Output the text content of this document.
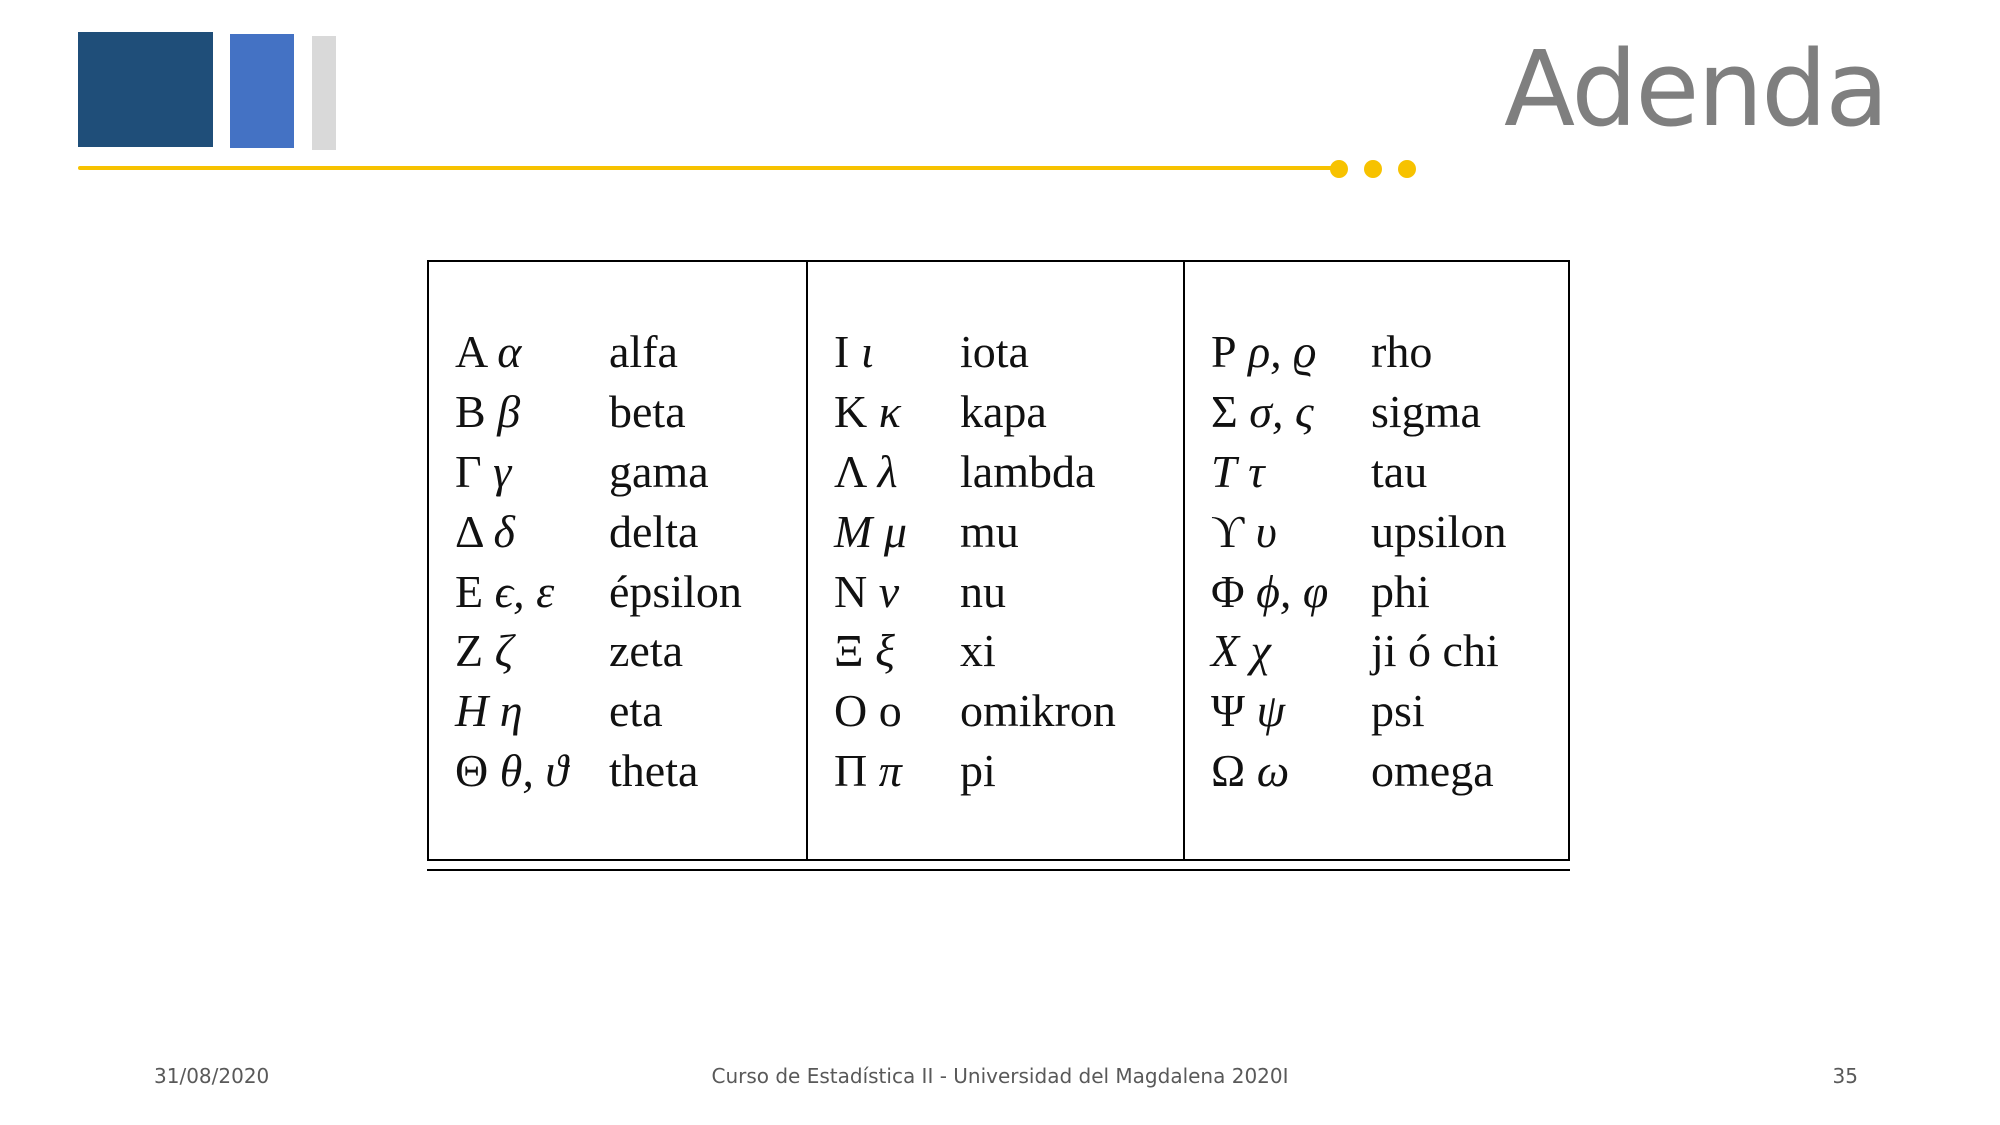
Adenda
Α α	alfa
Β β	beta
Γ γ	gama
Δ δ	delta
Ε ϵ, ε	épsilon
Ζ ζ	zeta
H η	eta
Θ θ, ϑ theta
Ι ι	iota
Κ κ	kapa
Λ λ	lambda
M μ	mu
Ν ν	nu
Ξ ξ	xi
Ο ο	omikron
Π π	pi
Ρ ρ, ϱ	rho
Σ σ, ς	sigma
T τ	tau
ϒ υ	upsilon
Φ ϕ, φ phi
X χ	ji ó chi
Ψ ψ	psi
Ω ω	omega

31/08/2020	Curso de Estadística II - Universidad del Magdalena 2020I	35
